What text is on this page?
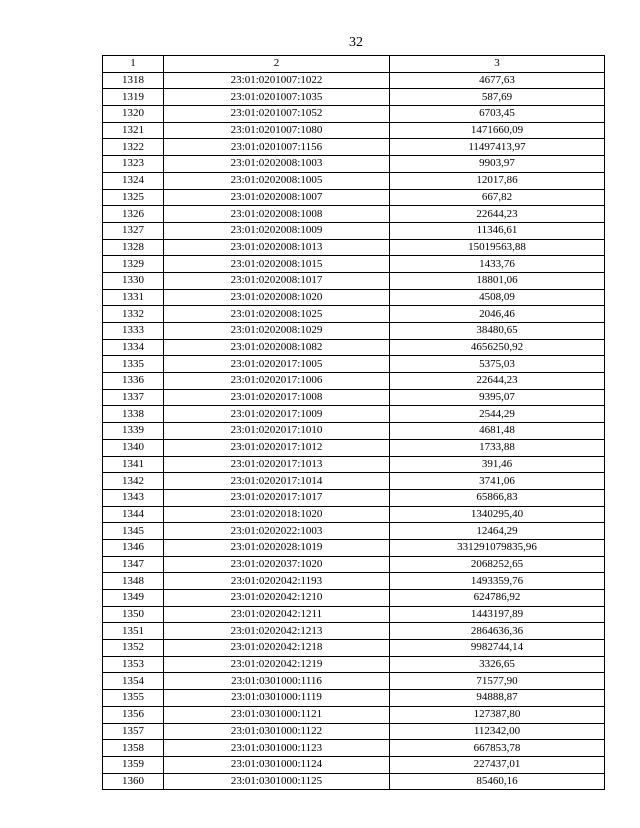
32
1	2	3
1318	23:01:0201007:1022	4677,63
1319	23:01:0201007:1035	587,69
1320	23:01:0201007:1052	6703,45
1321	23:01:0201007:1080	1471660,09
1322	23:01:0201007:1156	11497413,97
1323	23:01:0202008:1003	9903,97
1324	23:01:0202008:1005	12017,86
1325	23:01:0202008:1007	667,82
1326	23:01:0202008:1008	22644,23
1327	23:01:0202008:1009	11346,61
1328	23:01:0202008:1013	15019563,88
1329	23:01:0202008:1015	1433,76
1330	23:01:0202008:1017	18801,06
1331	23:01:0202008:1020	4508,09
1332	23:01:0202008:1025	2046,46
1333	23:01:0202008:1029	38480,65
1334	23:01:0202008:1082	4656250,92
1335	23:01:0202017:1005	5375,03
1336	23:01:0202017:1006	22644,23
1337	23:01:0202017:1008	9395,07
1338	23:01:0202017:1009	2544,29
1339	23:01:0202017:1010	4681,48
1340	23:01:0202017:1012	1733,88
1341	23:01:0202017:1013	391,46
1342	23:01:0202017:1014	3741,06
1343	23:01:0202017:1017	65866,83
1344	23:01:0202018:1020	1340295,40
1345	23:01:0202022:1003	12464,29
1346	23:01:0202028:1019	331291079835,96
1347	23:01:0202037:1020	2068252,65
1348	23:01:0202042:1193	1493359,76
1349	23:01:0202042:1210	624786,92
1350	23:01:0202042:1211	1443197,89
1351	23:01:0202042:1213	2864636,36
1352	23:01:0202042:1218	9982744,14
1353	23:01:0202042:1219	3326,65
1354	23:01:0301000:1116	71577,90
1355	23:01:0301000:1119	94888,87
1356	23:01:0301000:1121	127387,80
1357	23:01:0301000:1122	112342,00
1358	23:01:0301000:1123	667853,78
1359	23:01:0301000:1124	227437,01
1360	23:01:0301000:1125	85460,16
